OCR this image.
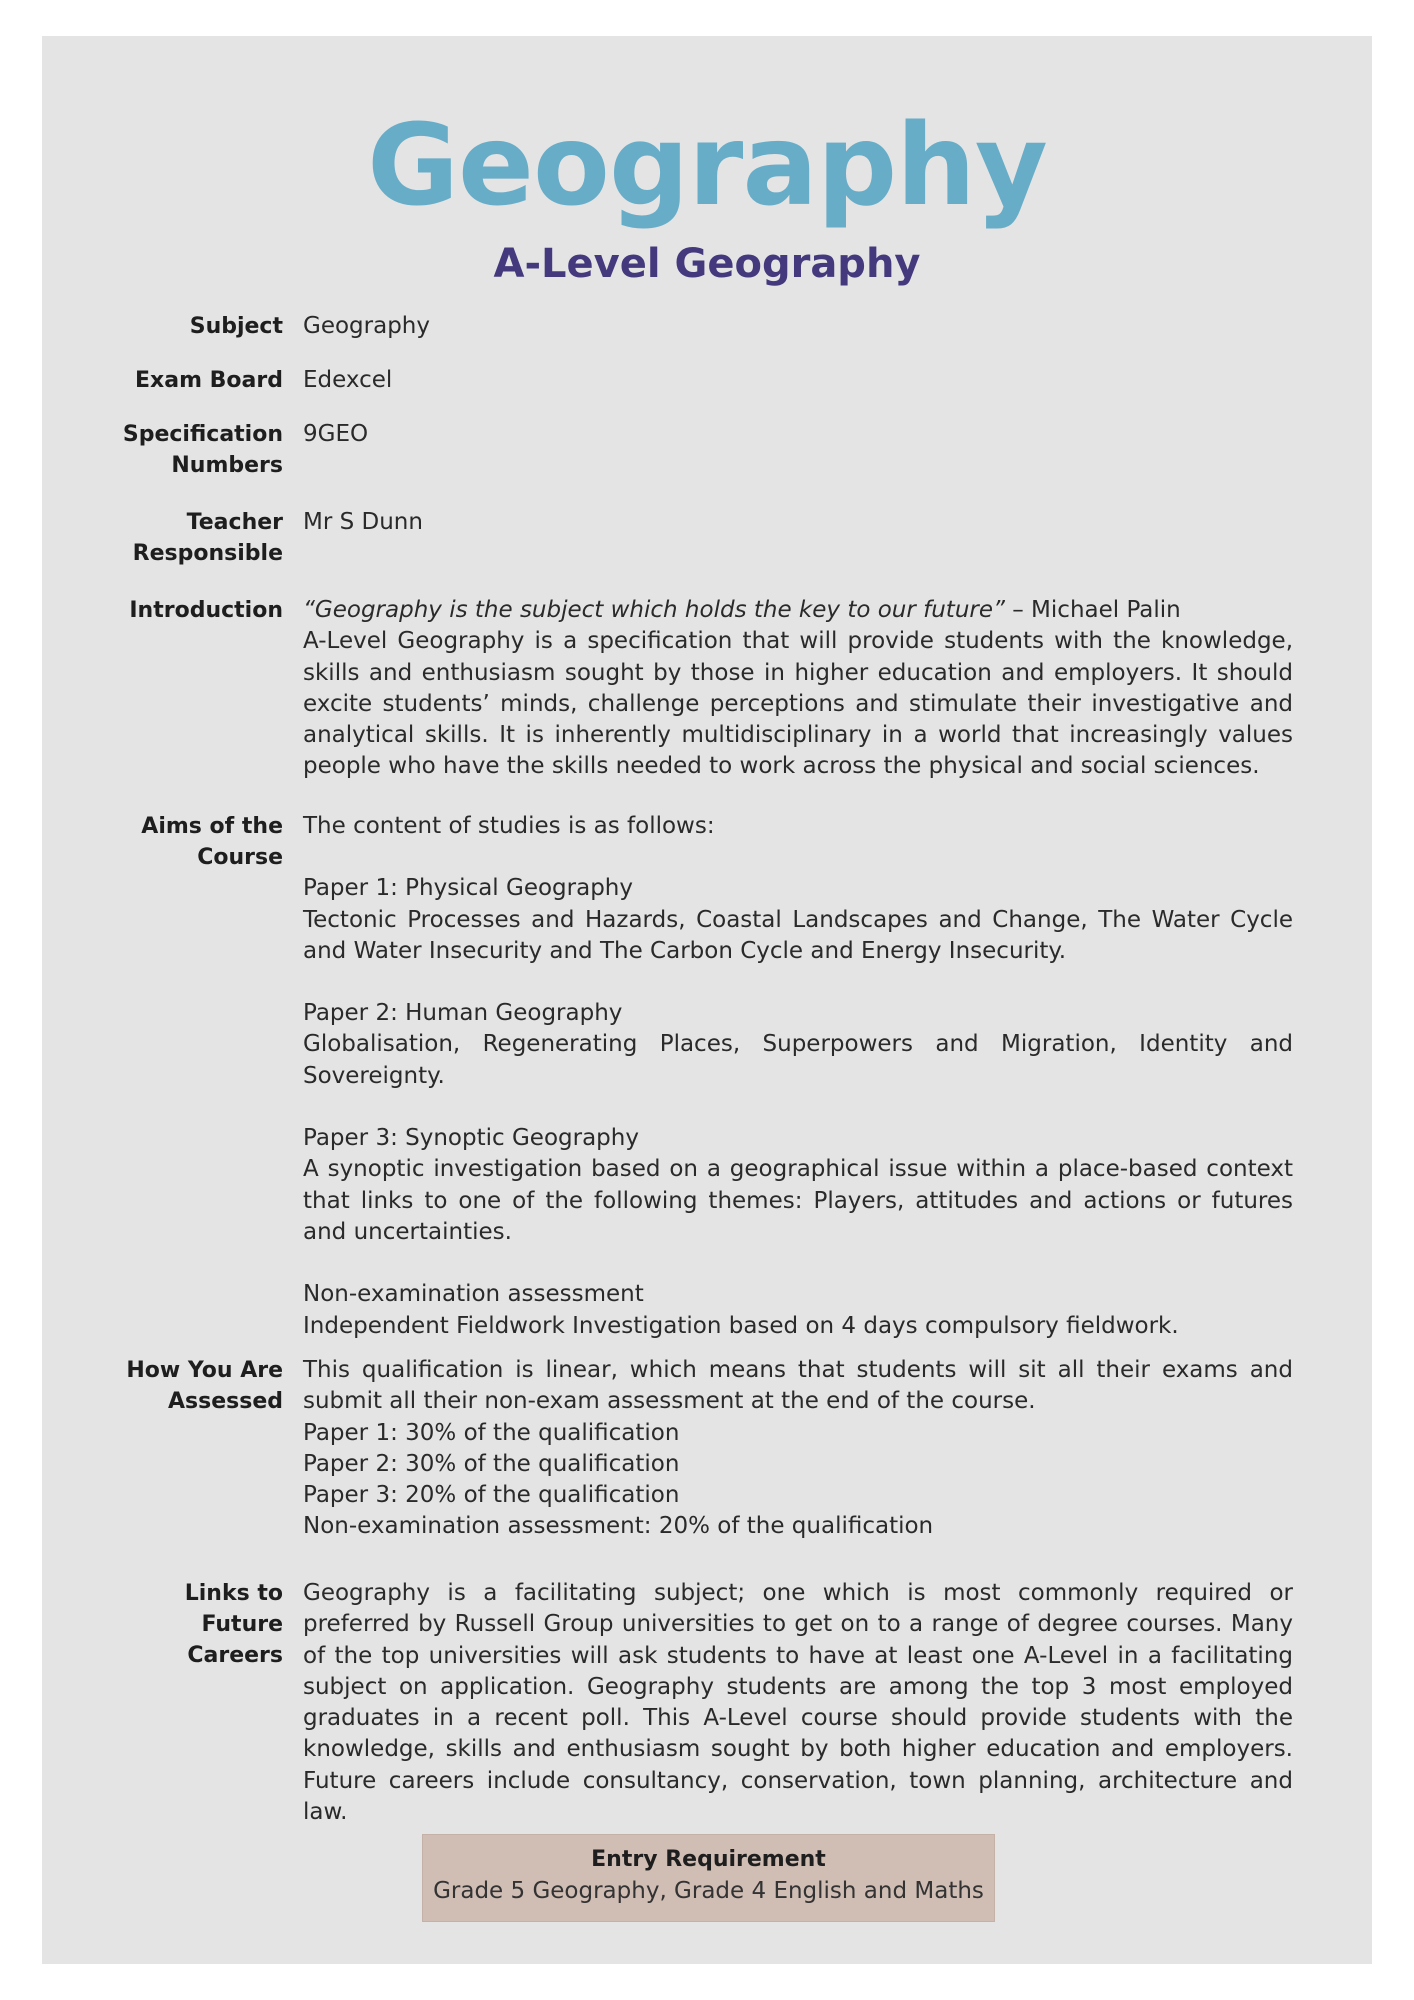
Geography
A-Level Geography
Subject Geography
Exam Board Edexcel
Specification
Numbers
9GEO
Teacher
Responsible
Mr S Dunn
Introduction “Geography is the subject which holds the key to our future” – Michael Palin

A-Level Geography is a specification that will provide students with the knowledge, skills and enthusiasm sought by those in higher education and employers. It should excite students’ minds, challenge perceptions and stimulate their investigative and analytical skills. It is inherently multidisciplinary in a world that increasingly values people who have the skills needed to work across the physical and social sciences.

Aims of the
Course

The content of studies is as follows:

Paper 1: Physical Geography

Tectonic Processes and Hazards, Coastal Landscapes and Change, The Water Cycle and Water Insecurity and The Carbon Cycle and Energy Insecurity.

Paper 2: Human Geography

Globalisation, Regenerating Places, Superpowers and Migration, Identity and Sovereignty.

Paper 3: Synoptic Geography

A synoptic investigation based on a geographical issue within a place-based context that links to one of the following themes: Players, attitudes and actions or futures and uncertainties.

Non-examination assessment

Independent Fieldwork Investigation based on 4 days compulsory fieldwork.

How You Are
Assessed

This qualification is linear, which means that students will sit all their exams and submit all their non-exam assessment at the end of the course.

Paper 1: 30% of the qualification

Paper 2: 30% of the qualification

Paper 3: 20% of the qualification

Non-examination assessment: 20% of the qualification

Links to Future
Careers
Geography is a facilitating subject; one which is most commonly required or preferred by Russell Group universities to get on to a range of degree courses. Many of the top universities will ask students to have at least one A-Level in a facilitating subject on application. Geography students are among the top 3 most employed graduates in a recent poll. This A-Level course should provide students with the knowledge, skills and enthusiasm sought by both higher education and employers. Future careers include consultancy, conservation, town planning, architecture and law.
Entry Requirement
Grade 5 Geography, Grade 4 English and Maths
